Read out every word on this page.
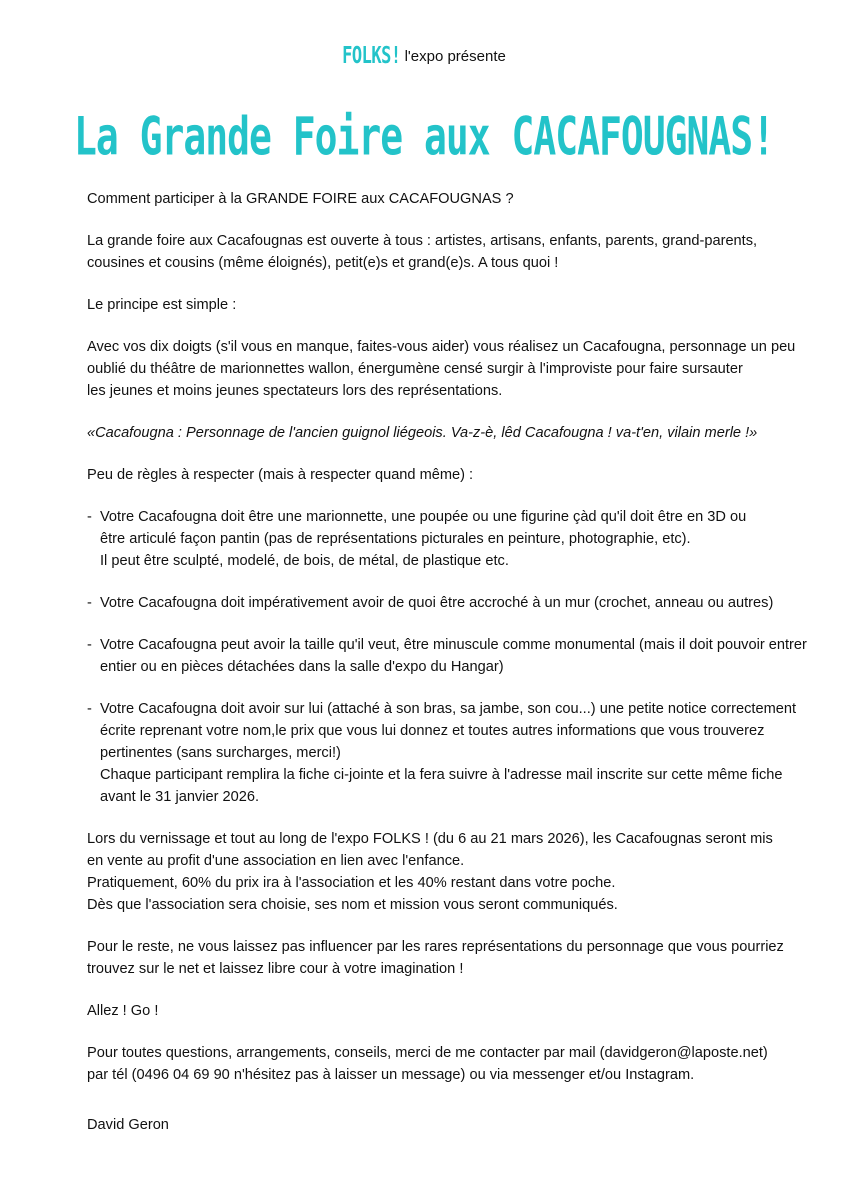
FOLKS! l'expo présente
La Grande Foire aux CACAFOUGNAS!

Comment participer à la GRANDE FOIRE aux CACAFOUGNAS ?

La grande foire aux Cacafougnas est ouverte à tous : artistes, artisans, enfants, parents, grand-parents,
cousines et cousins (même éloignés), petit(e)s et grand(e)s. A tous quoi !

Le principe est simple :

Avec vos dix doigts (s'il vous en manque, faites-vous aider) vous réalisez un Cacafougna, personnage un peu
oublié du théâtre de marionnettes wallon, énergumène censé surgir à l'improviste pour faire sursauter
les jeunes et moins jeunes spectateurs lors des représentations.

«Cacafougna : Personnage de l'ancien guignol liégeois. Va-z-è, lêd Cacafougna ! va-t'en, vilain merle !»

Peu de règles à respecter (mais à respecter quand même) :

- Votre Cacafougna doit être une marionnette, une poupée ou une figurine çàd qu'il doit être en 3D ou
être articulé façon pantin (pas de représentations picturales en peinture, photographie, etc).
Il peut être sculpté, modelé, de bois, de métal, de plastique etc.
- Votre Cacafougna doit impérativement avoir de quoi être accroché à un mur (crochet, anneau ou autres)
- Votre Cacafougna peut avoir la taille qu'il veut, être minuscule comme monumental (mais il doit pouvoir entrer
entier ou en pièces détachées dans la salle d'expo du Hangar)
- Votre Cacafougna doit avoir sur lui (attaché à son bras, sa jambe, son cou...) une petite notice correctement
écrite reprenant votre nom,le prix que vous lui donnez et toutes autres informations que vous trouverez
pertinentes (sans surcharges, merci!)
Chaque participant remplira la fiche ci-jointe et la fera suivre à l'adresse mail inscrite sur cette même fiche
avant le 31 janvier 2026.

Lors du vernissage et tout au long de l'expo FOLKS ! (du 6 au 21 mars 2026), les Cacafougnas seront mis
en vente au profit d'une association en lien avec l'enfance.
Pratiquement, 60% du prix ira à l'association et les 40% restant dans votre poche.
Dès que l'association sera choisie, ses nom et mission vous seront communiqués.

Pour le reste, ne vous laissez pas influencer par les rares représentations du personnage que vous pourriez
trouvez sur le net et laissez libre cour à votre imagination !

Allez ! Go !

Pour toutes questions, arrangements, conseils, merci de me contacter par mail (davidgeron@laposte.net)
par tél (0496 04 69 90 n'hésitez pas à laisser un message) ou via messenger et/ou Instagram.

David Geron
